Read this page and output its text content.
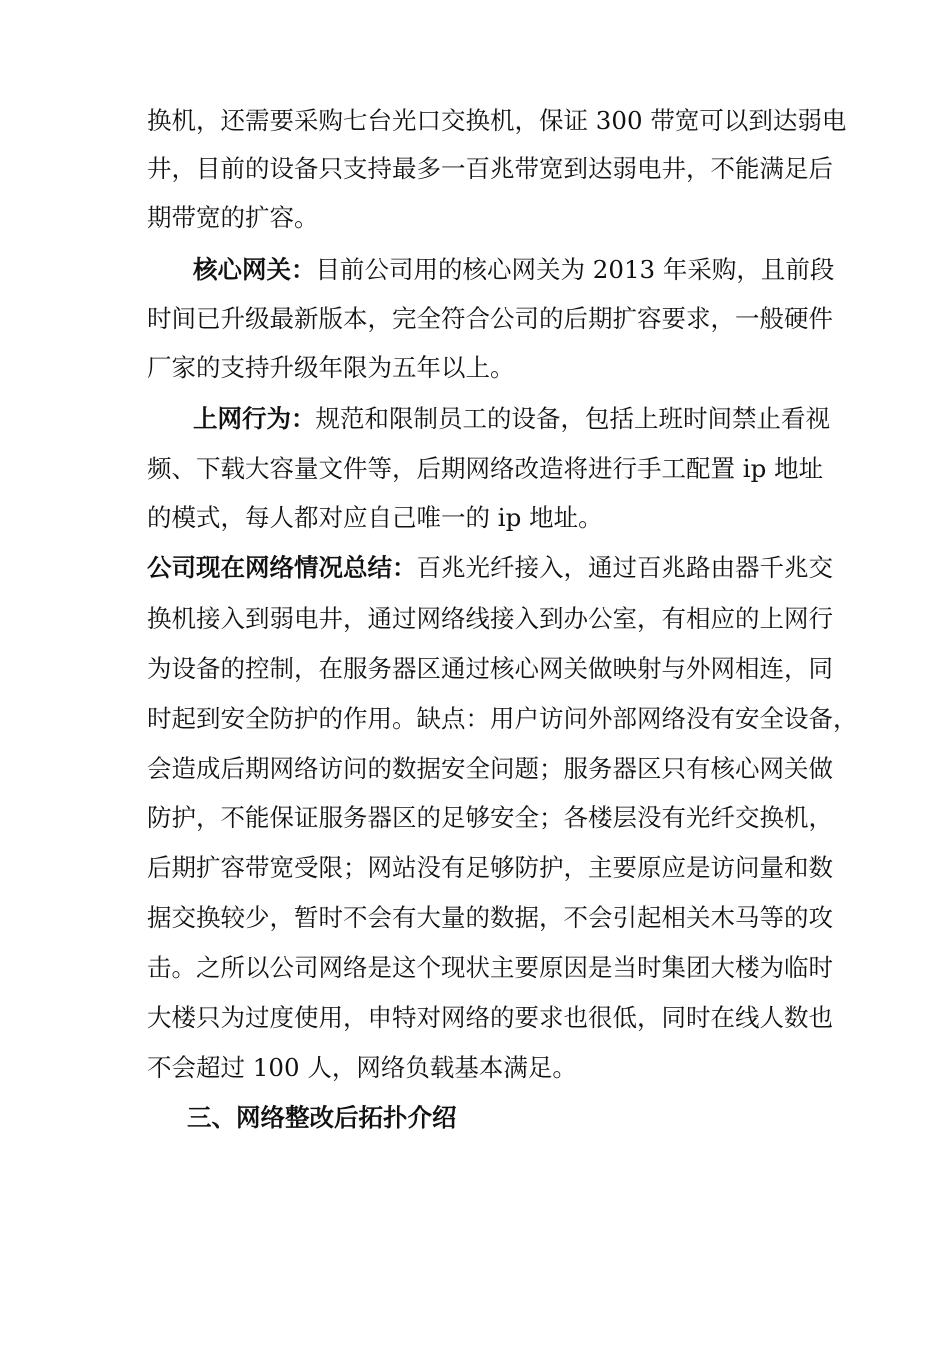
换机，还需要采购七台光口交换机，保证 300 带宽可以到达弱电
井，目前的设备只支持最多一百兆带宽到达弱电井，不能满足后
期带宽的扩容。
核心网关：目前公司用的核心网关为 2013 年采购，且前段
时间已升级最新版本，完全符合公司的后期扩容要求，一般硬件
厂家的支持升级年限为五年以上。
上网行为：规范和限制员工的设备，包括上班时间禁止看视
频、下载大容量文件等，后期网络改造将进行手工配置 ip 地址
的模式，每人都对应自己唯一的 ip 地址。
公司现在网络情况总结：百兆光纤接入，通过百兆路由器千兆交
换机接入到弱电井，通过网络线接入到办公室，有相应的上网行
为设备的控制，在服务器区通过核心网关做映射与外网相连，同
时起到安全防护的作用。缺点：用户访问外部网络没有安全设备，
会造成后期网络访问的数据安全问题；服务器区只有核心网关做
防护，不能保证服务器区的足够安全；各楼层没有光纤交换机，
后期扩容带宽受限；网站没有足够防护，主要原应是访问量和数
据交换较少，暂时不会有大量的数据，不会引起相关木马等的攻
击。之所以公司网络是这个现状主要原因是当时集团大楼为临时
大楼只为过度使用，申特对网络的要求也很低，同时在线人数也
不会超过 100 人，网络负载基本满足。
三、网络整改后拓扑介绍
